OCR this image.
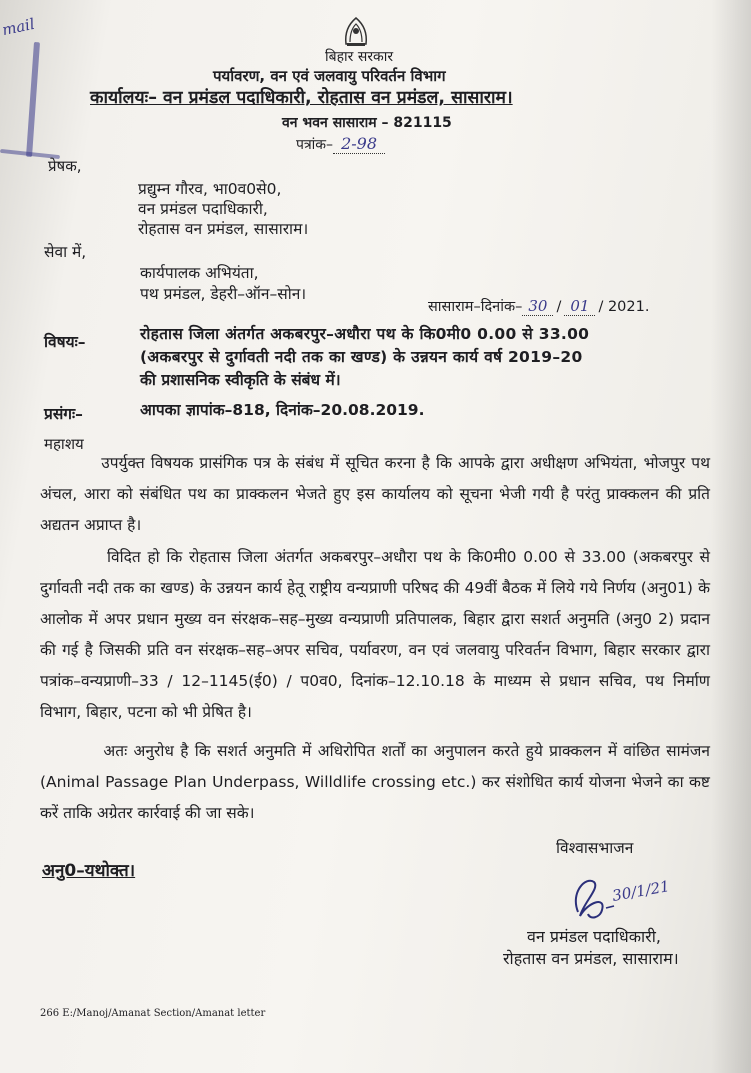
mail
बिहार सरकार
पर्यावरण, वन एवं जलवायु परिवर्तन विभाग
कार्यालयः– वन प्रमंडल पदाधिकारी, रोहतास वन प्रमंडल, सासाराम।
वन भवन सासाराम – 821115
पत्रांक– 2-98
प्रेषक,
प्रद्युम्न गौरव, भा0व0से0,
वन प्रमंडल पदाधिकारी,
रोहतास वन प्रमंडल, सासाराम।
सेवा में,
कार्यपालक अभियंता,
पथ प्रमंडल, डेहरी–ऑन–सोन।
सासाराम–दिनांक– 30 / 01 / 2021.
विषयः–	रोहतास जिला अंतर्गत अकबरपुर–अधौरा पथ के कि0मी0 0.00 से 33.00
(अकबरपुर से दुर्गावती नदी तक का खण्ड) के उन्नयन कार्य वर्ष 2019–20
की प्रशासनिक स्वीकृति के संबंध में।
प्रसंगः–	आपका ज्ञापांक–818, दिनांक–20.08.2019.
महाशय
उपर्युक्त विषयक प्रासंगिक पत्र के संबंध में सूचित करना है कि आपके द्वारा अधीक्षण अभियंता, भोजपुर पथ अंचल, आरा को संबंधित पथ का प्राक्कलन भेजते हुए इस कार्यालय को सूचना भेजी गयी है परंतु प्राक्कलन की प्रति अद्यतन अप्राप्त है।
विदित हो कि रोहतास जिला अंतर्गत अकबरपुर–अधौरा पथ के कि0मी0 0.00 से 33.00 (अकबरपुर से दुर्गावती नदी तक का खण्ड) के उन्नयन कार्य हेतू राष्ट्रीय वन्यप्राणी परिषद की 49वीं बैठक में लिये गये निर्णय (अनु01) के आलोक में अपर प्रधान मुख्य वन संरक्षक–सह–मुख्य वन्यप्राणी प्रतिपालक, बिहार द्वारा सशर्त अनुमति (अनु0 2) प्रदान की गई है जिसकी प्रति वन संरक्षक–सह–अपर सचिव, पर्यावरण, वन एवं जलवायु परिवर्तन विभाग, बिहार सरकार द्वारा पत्रांक–वन्यप्राणी–33 / 12–1145(ई0) / प0व0, दिनांक–12.10.18 के माध्यम से प्रधान सचिव, पथ निर्माण विभाग, बिहार, पटना को भी प्रेषित है।
अतः अनुरोध है कि सशर्त अनुमति में अधिरोपित शर्तों का अनुपालन करते हुये प्राक्कलन में वांछित सामंजन (Animal Passage Plan Underpass, Willdlife crossing etc.) कर संशोधित कार्य योजना भेजने का कष्ट करें ताकि अग्रेतर कार्रवाई की जा सके।
विश्वासभाजन
अनु0–यथोक्त।
30/1/21
वन प्रमंडल पदाधिकारी,
रोहतास वन प्रमंडल, सासाराम।
266 E:/Manoj/Amanat Section/Amanat letter
